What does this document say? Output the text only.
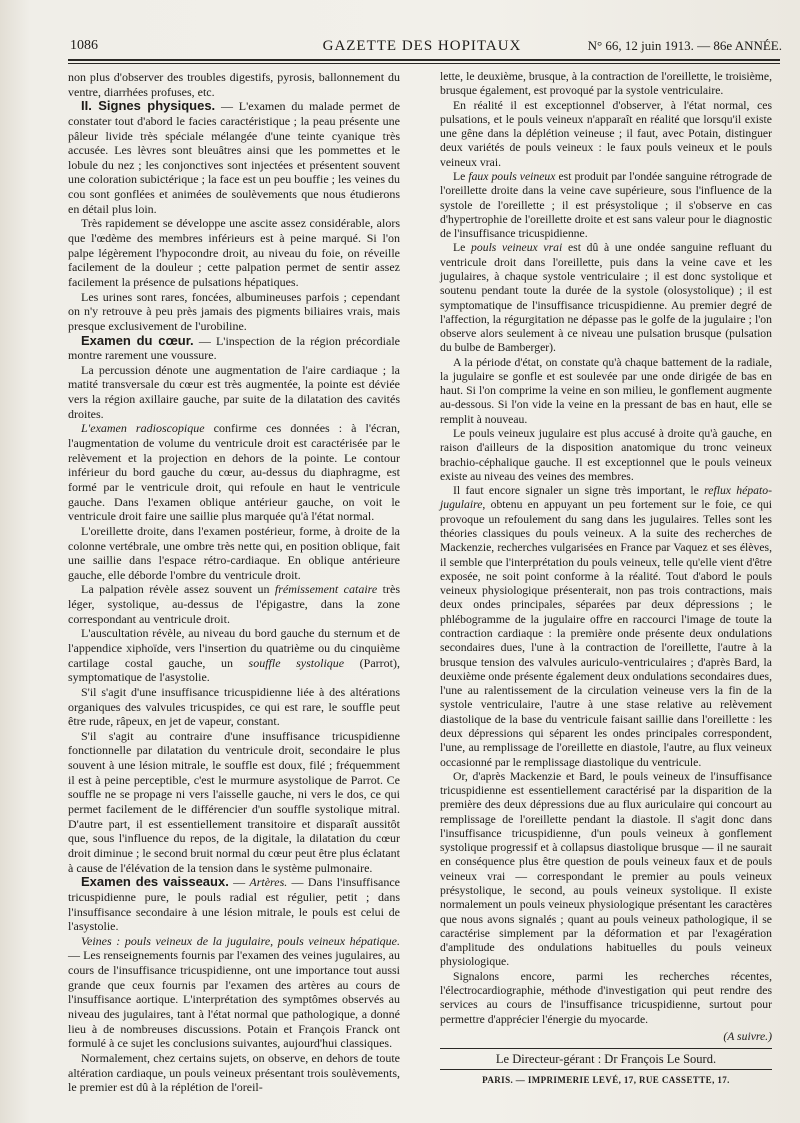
1086	GAZETTE DES HOPITAUX	N° 66, 12 juin 1913. — 86e ANNÉE.

non plus d'observer des troubles digestifs, pyrosis, ballonnement du ventre, diarrhées profuses, etc.

II. Signes physiques. — L'examen du malade permet de constater tout d'abord le facies caractéristique ; la peau présente une pâleur livide très spéciale mélangée d'une teinte cyanique très accusée. Les lèvres sont bleuâtres ainsi que les pommettes et le lobule du nez ; les conjonctives sont injectées et présentent souvent une coloration subictérique ; la face est un peu bouffie ; les veines du cou sont gonflées et animées de soulèvements que nous étudierons en détail plus loin.

Très rapidement se développe une ascite assez considérable, alors que l'œdème des membres inférieurs est à peine marqué. Si l'on palpe légèrement l'hypocondre droit, au niveau du foie, on réveille facilement de la douleur ; cette palpation permet de sentir assez facilement la présence de pulsations hépatiques.

Les urines sont rares, foncées, albumineuses parfois ; cependant on n'y retrouve à peu près jamais des pigments biliaires vrais, mais presque exclusivement de l'urobiline.

Examen du cœur. — L'inspection de la région précordiale montre rarement une voussure.

La percussion dénote une augmentation de l'aire cardiaque ; la matité transversale du cœur est très augmentée, la pointe est déviée vers la région axillaire gauche, par suite de la dilatation des cavités droites.

L'examen radioscopique confirme ces données : à l'écran, l'augmentation de volume du ventricule droit est caractérisée par le relèvement et la projection en dehors de la pointe. Le contour inférieur du bord gauche du cœur, au-dessus du diaphragme, est formé par le ventricule droit, qui refoule en haut le ventricule gauche. Dans l'examen oblique antérieur gauche, on voit le ventricule droit faire une saillie plus marquée qu'à l'état normal.

L'oreillette droite, dans l'examen postérieur, forme, à droite de la colonne vertébrale, une ombre très nette qui, en position oblique, fait une saillie dans l'espace rétro-cardiaque. En oblique antérieure gauche, elle déborde l'ombre du ventricule droit.

La palpation révèle assez souvent un frémissement cataire très léger, systolique, au-dessus de l'épigastre, dans la zone correspondant au ventricule droit.

L'auscultation révèle, au niveau du bord gauche du sternum et de l'appendice xiphoïde, vers l'insertion du quatrième ou du cinquième cartilage costal gauche, un souffle systolique (Parrot), symptomatique de l'asystolie.

S'il s'agit d'une insuffisance tricuspidienne liée à des altérations organiques des valvules tricuspides, ce qui est rare, le souffle peut être rude, râpeux, en jet de vapeur, constant.

S'il s'agit au contraire d'une insuffisance tricuspidienne fonctionnelle par dilatation du ventricule droit, secondaire le plus souvent à une lésion mitrale, le souffle est doux, filé ; fréquemment il est à peine perceptible, c'est le murmure asystolique de Parrot. Ce souffle ne se propage ni vers l'aisselle gauche, ni vers le dos, ce qui permet facilement de le différencier d'un souffle systolique mitral. D'autre part, il est essentiellement transitoire et disparaît aussitôt que, sous l'influence du repos, de la digitale, la dilatation du cœur droit diminue ; le second bruit normal du cœur peut être plus éclatant à cause de l'élévation de la tension dans le système pulmonaire.

Examen des vaisseaux. — Artères. — Dans l'insuffisance tricuspidienne pure, le pouls radial est régulier, petit ; dans l'insuffisance secondaire à une lésion mitrale, le pouls est celui de l'asystolie.

Veines : pouls veineux de la jugulaire, pouls veineux hépatique. — Les renseignements fournis par l'examen des veines jugulaires, au cours de l'insuffisance tricuspidienne, ont une importance tout aussi grande que ceux fournis par l'examen des artères au cours de l'insuffisance aortique. L'interprétation des symptômes observés au niveau des jugulaires, tant à l'état normal que pathologique, a donné lieu à de nombreuses discussions. Potain et François Franck ont formulé à ce sujet les conclusions suivantes, aujourd'hui classiques.

Normalement, chez certains sujets, on observe, en dehors de toute altération cardiaque, un pouls veineux présentant trois soulèvements, le premier est dû à la réplétion de l'oreil-

lette, le deuxième, brusque, à la contraction de l'oreillette, le troisième, brusque également, est provoqué par la systole ventriculaire.

En réalité il est exceptionnel d'observer, à l'état normal, ces pulsations, et le pouls veineux n'apparaît en réalité que lorsqu'il existe une gêne dans la déplétion veineuse ; il faut, avec Potain, distinguer deux variétés de pouls veineux : le faux pouls veineux et le pouls veineux vrai.

Le faux pouls veineux est produit par l'ondée sanguine rétrograde de l'oreillette droite dans la veine cave supérieure, sous l'influence de la systole de l'oreillette ; il est présystolique ; il s'observe en cas d'hypertrophie de l'oreillette droite et est sans valeur pour le diagnostic de l'insuffisance tricuspidienne.

Le pouls veineux vrai est dû à une ondée sanguine refluant du ventricule droit dans l'oreillette, puis dans la veine cave et les jugulaires, à chaque systole ventriculaire ; il est donc systolique et soutenu pendant toute la durée de la systole (olosystolique) ; il est symptomatique de l'insuffisance tricuspidienne. Au premier degré de l'affection, la régurgitation ne dépasse pas le golfe de la jugulaire ; l'on observe alors seulement à ce niveau une pulsation brusque (pulsation du bulbe de Bamberger).

A la période d'état, on constate qu'à chaque battement de la radiale, la jugulaire se gonfle et est soulevée par une onde dirigée de bas en haut. Si l'on comprime la veine en son milieu, le gonflement augmente au-dessous. Si l'on vide la veine en la pressant de bas en haut, elle se remplit à nouveau.

Le pouls veineux jugulaire est plus accusé à droite qu'à gauche, en raison d'ailleurs de la disposition anatomique du tronc veineux brachio-céphalique gauche. Il est exceptionnel que le pouls veineux existe au niveau des veines des membres.

Il faut encore signaler un signe très important, le reflux hépato-jugulaire, obtenu en appuyant un peu fortement sur le foie, ce qui provoque un refoulement du sang dans les jugulaires. Telles sont les théories classiques du pouls veineux. A la suite des recherches de Mackenzie, recherches vulgarisées en France par Vaquez et ses élèves, il semble que l'interprétation du pouls veineux, telle qu'elle vient d'être exposée, ne soit point conforme à la réalité. Tout d'abord le pouls veineux physiologique présenterait, non pas trois contractions, mais deux ondes principales, séparées par deux dépressions ; le phlébogramme de la jugulaire offre en raccourci l'image de toute la contraction cardiaque : la première onde présente deux ondulations secondaires dues, l'une à la contraction de l'oreillette, l'autre à la brusque tension des valvules auriculo-ventriculaires ; d'après Bard, la deuxième onde présente également deux ondulations secondaires dues, l'une au ralentissement de la circulation veineuse vers la fin de la systole ventriculaire, l'autre à une stase relative au relèvement diastolique de la base du ventricule faisant saillie dans l'oreillette : les deux dépressions qui séparent les ondes principales correspondent, l'une, au remplissage de l'oreillette en diastole, l'autre, au flux veineux occasionné par le remplissage diastolique du ventricule.

Or, d'après Mackenzie et Bard, le pouls veineux de l'insuffisance tricuspidienne est essentiellement caractérisé par la disparition de la première des deux dépressions due au flux auriculaire qui concourt au remplissage de l'oreillette pendant la diastole. Il s'agit donc dans l'insuffisance tricuspidienne, d'un pouls veineux à gonflement systolique progressif et à collapsus diastolique brusque — il ne saurait en conséquence plus être question de pouls veineux faux et de pouls veineux vrai — correspondant le premier au pouls veineux présystolique, le second, au pouls veineux systolique. Il existe normalement un pouls veineux physiologique présentant les caractères que nous avons signalés ; quant au pouls veineux pathologique, il se caractérise simplement par la déformation et par l'exagération d'amplitude des ondulations habituelles du pouls veineux physiologique.

Signalons encore, parmi les recherches récentes, l'électrocardiographie, méthode d'investigation qui peut rendre des services au cours de l'insuffisance tricuspidienne, surtout pour permettre d'apprécier l'énergie du myocarde.

(A suivre.)

Le Directeur-gérant : Dr François Le Sourd.

PARIS. — IMPRIMERIE LEVÉ, 17, RUE CASSETTE, 17.
